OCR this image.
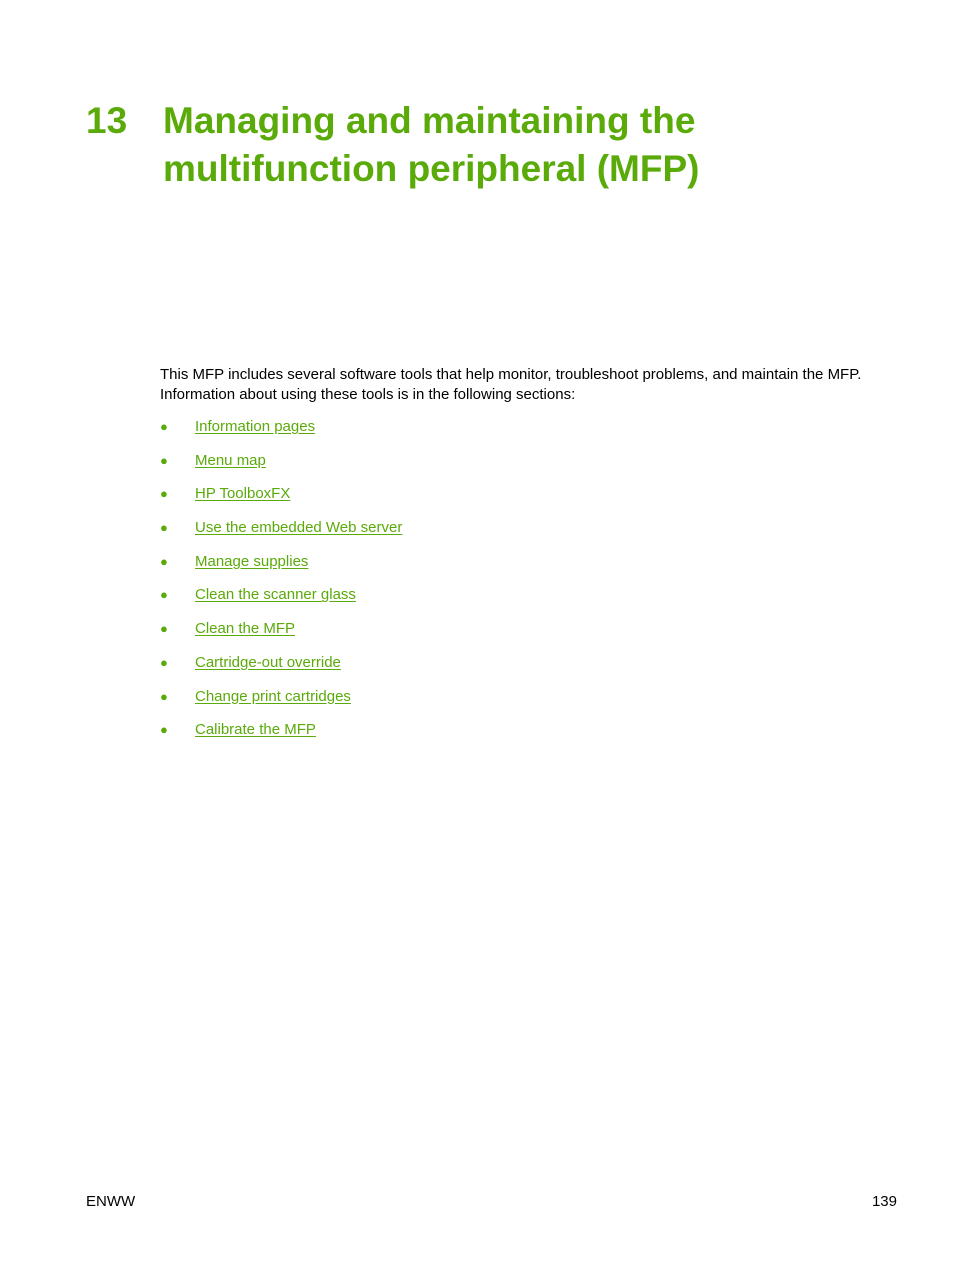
13 Managing and maintaining the
multifunction peripheral (MFP)

This MFP includes several software tools that help monitor, troubleshoot problems, and maintain the MFP. Information about using these tools is in the following sections:

●	Information pages
●	Menu map
●	HP ToolboxFX
●	Use the embedded Web server
●	Manage supplies
●	Clean the scanner glass
●	Clean the MFP
●	Cartridge-out override
●	Change print cartridges
●	Calibrate the MFP
ENWW	139
